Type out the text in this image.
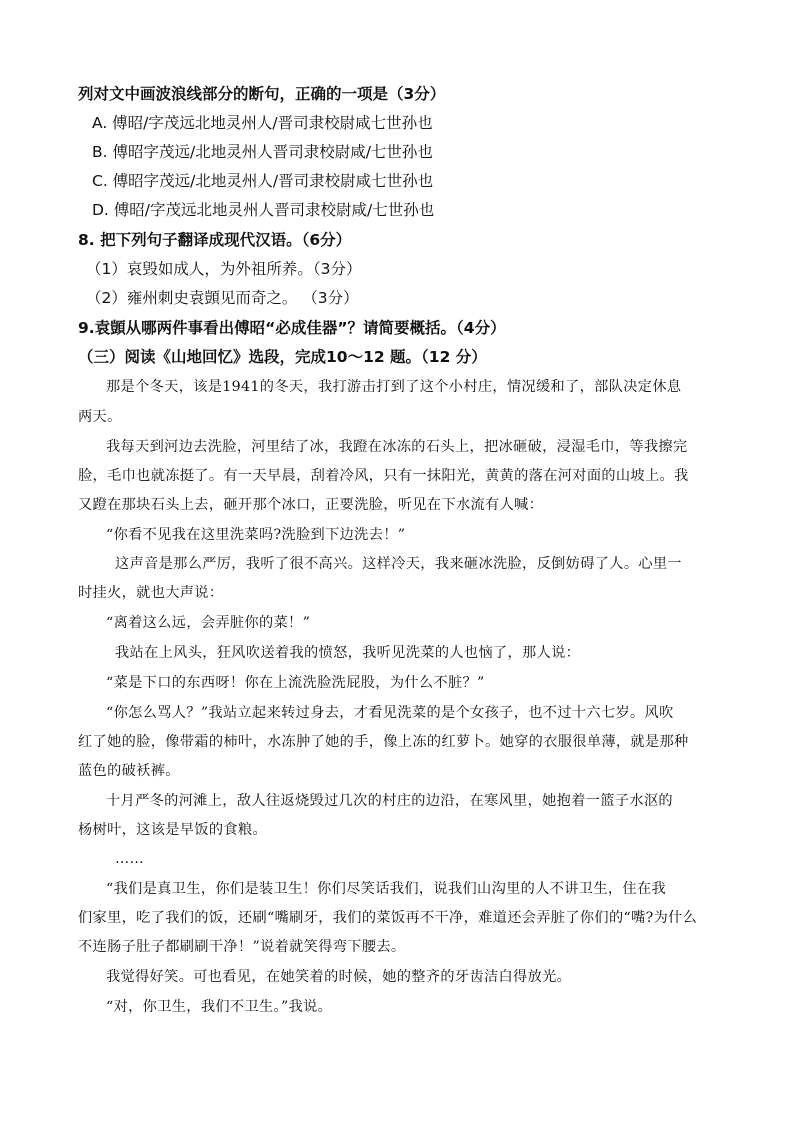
列对文中画波浪线部分的断句，正确的一项是（3分）
A. 傅昭/字茂远北地灵州人/晋司隶校尉咸七世孙也
B. 傅昭字茂远/北地灵州人晋司隶校尉咸/七世孙也
C. 傅昭字茂远/北地灵州人/晋司隶校尉咸七世孙也
D. 傅昭/字茂远北地灵州人晋司隶校尉咸/七世孙也
8. 把下列句子翻译成现代汉语。（6分）
（1）哀毁如成人，为外祖所养。（3分）
（2）雍州刺史袁顗见而奇之。 （3分）
9.袁顗从哪两件事看出傅昭“必成佳器”？请简要概括。（4分）
（三）阅读《山地回忆》选段，完成10～12 题。（12 分）
那是个冬天，该是1941的冬天，我打游击打到了这个小村庄，情况缓和了，部队决定休息
两天。
我每天到河边去洗脸，河里结了冰，我蹬在冰冻的石头上，把冰砸破，浸湿毛巾，等我擦完
脸，毛巾也就冻挺了。有一天早晨，刮着冷风，只有一抹阳光，黄黄的落在河对面的山坡上。我
又蹬在那块石头上去，砸开那个冰口，正要洗脸，听见在下水流有人喊：
“你看不见我在这里洗菜吗?洗脸到下边洗去！”
这声音是那么严厉，我听了很不高兴。这样冷天，我来砸冰洗脸，反倒妨碍了人。心里一
时挂火，就也大声说：
“离着这么远，会弄脏你的菜！”
我站在上风头，狂风吹送着我的愤怒，我听见洗菜的人也恼了，那人说：
“菜是下口的东西呀！你在上流洗脸洗屁股，为什么不脏？”
“你怎么骂人？”我站立起来转过身去，才看见洗菜的是个女孩子，也不过十六七岁。风吹
红了她的脸，像带霜的柿叶，水冻肿了她的手，像上冻的红萝卜。她穿的衣服很单薄，就是那种
蓝色的破袄裤。
十月严冬的河滩上，敌人往返烧毁过几次的村庄的边沿，在寒风里，她抱着一篮子水沤的
杨树叶，这该是早饭的食粮。
……
“我们是真卫生，你们是装卫生！你们尽笑话我们，说我们山沟里的人不讲卫生，住在我
们家里，吃了我们的饭，还刷“嘴刷牙，我们的菜饭再不干净，难道还会弄脏了你们的“嘴?为什么
不连肠子肚子都刷刷干净！”说着就笑得弯下腰去。
我觉得好笑。可也看见，在她笑着的时候，她的整齐的牙齿洁白得放光。
“对，你卫生，我们不卫生。”我说。
